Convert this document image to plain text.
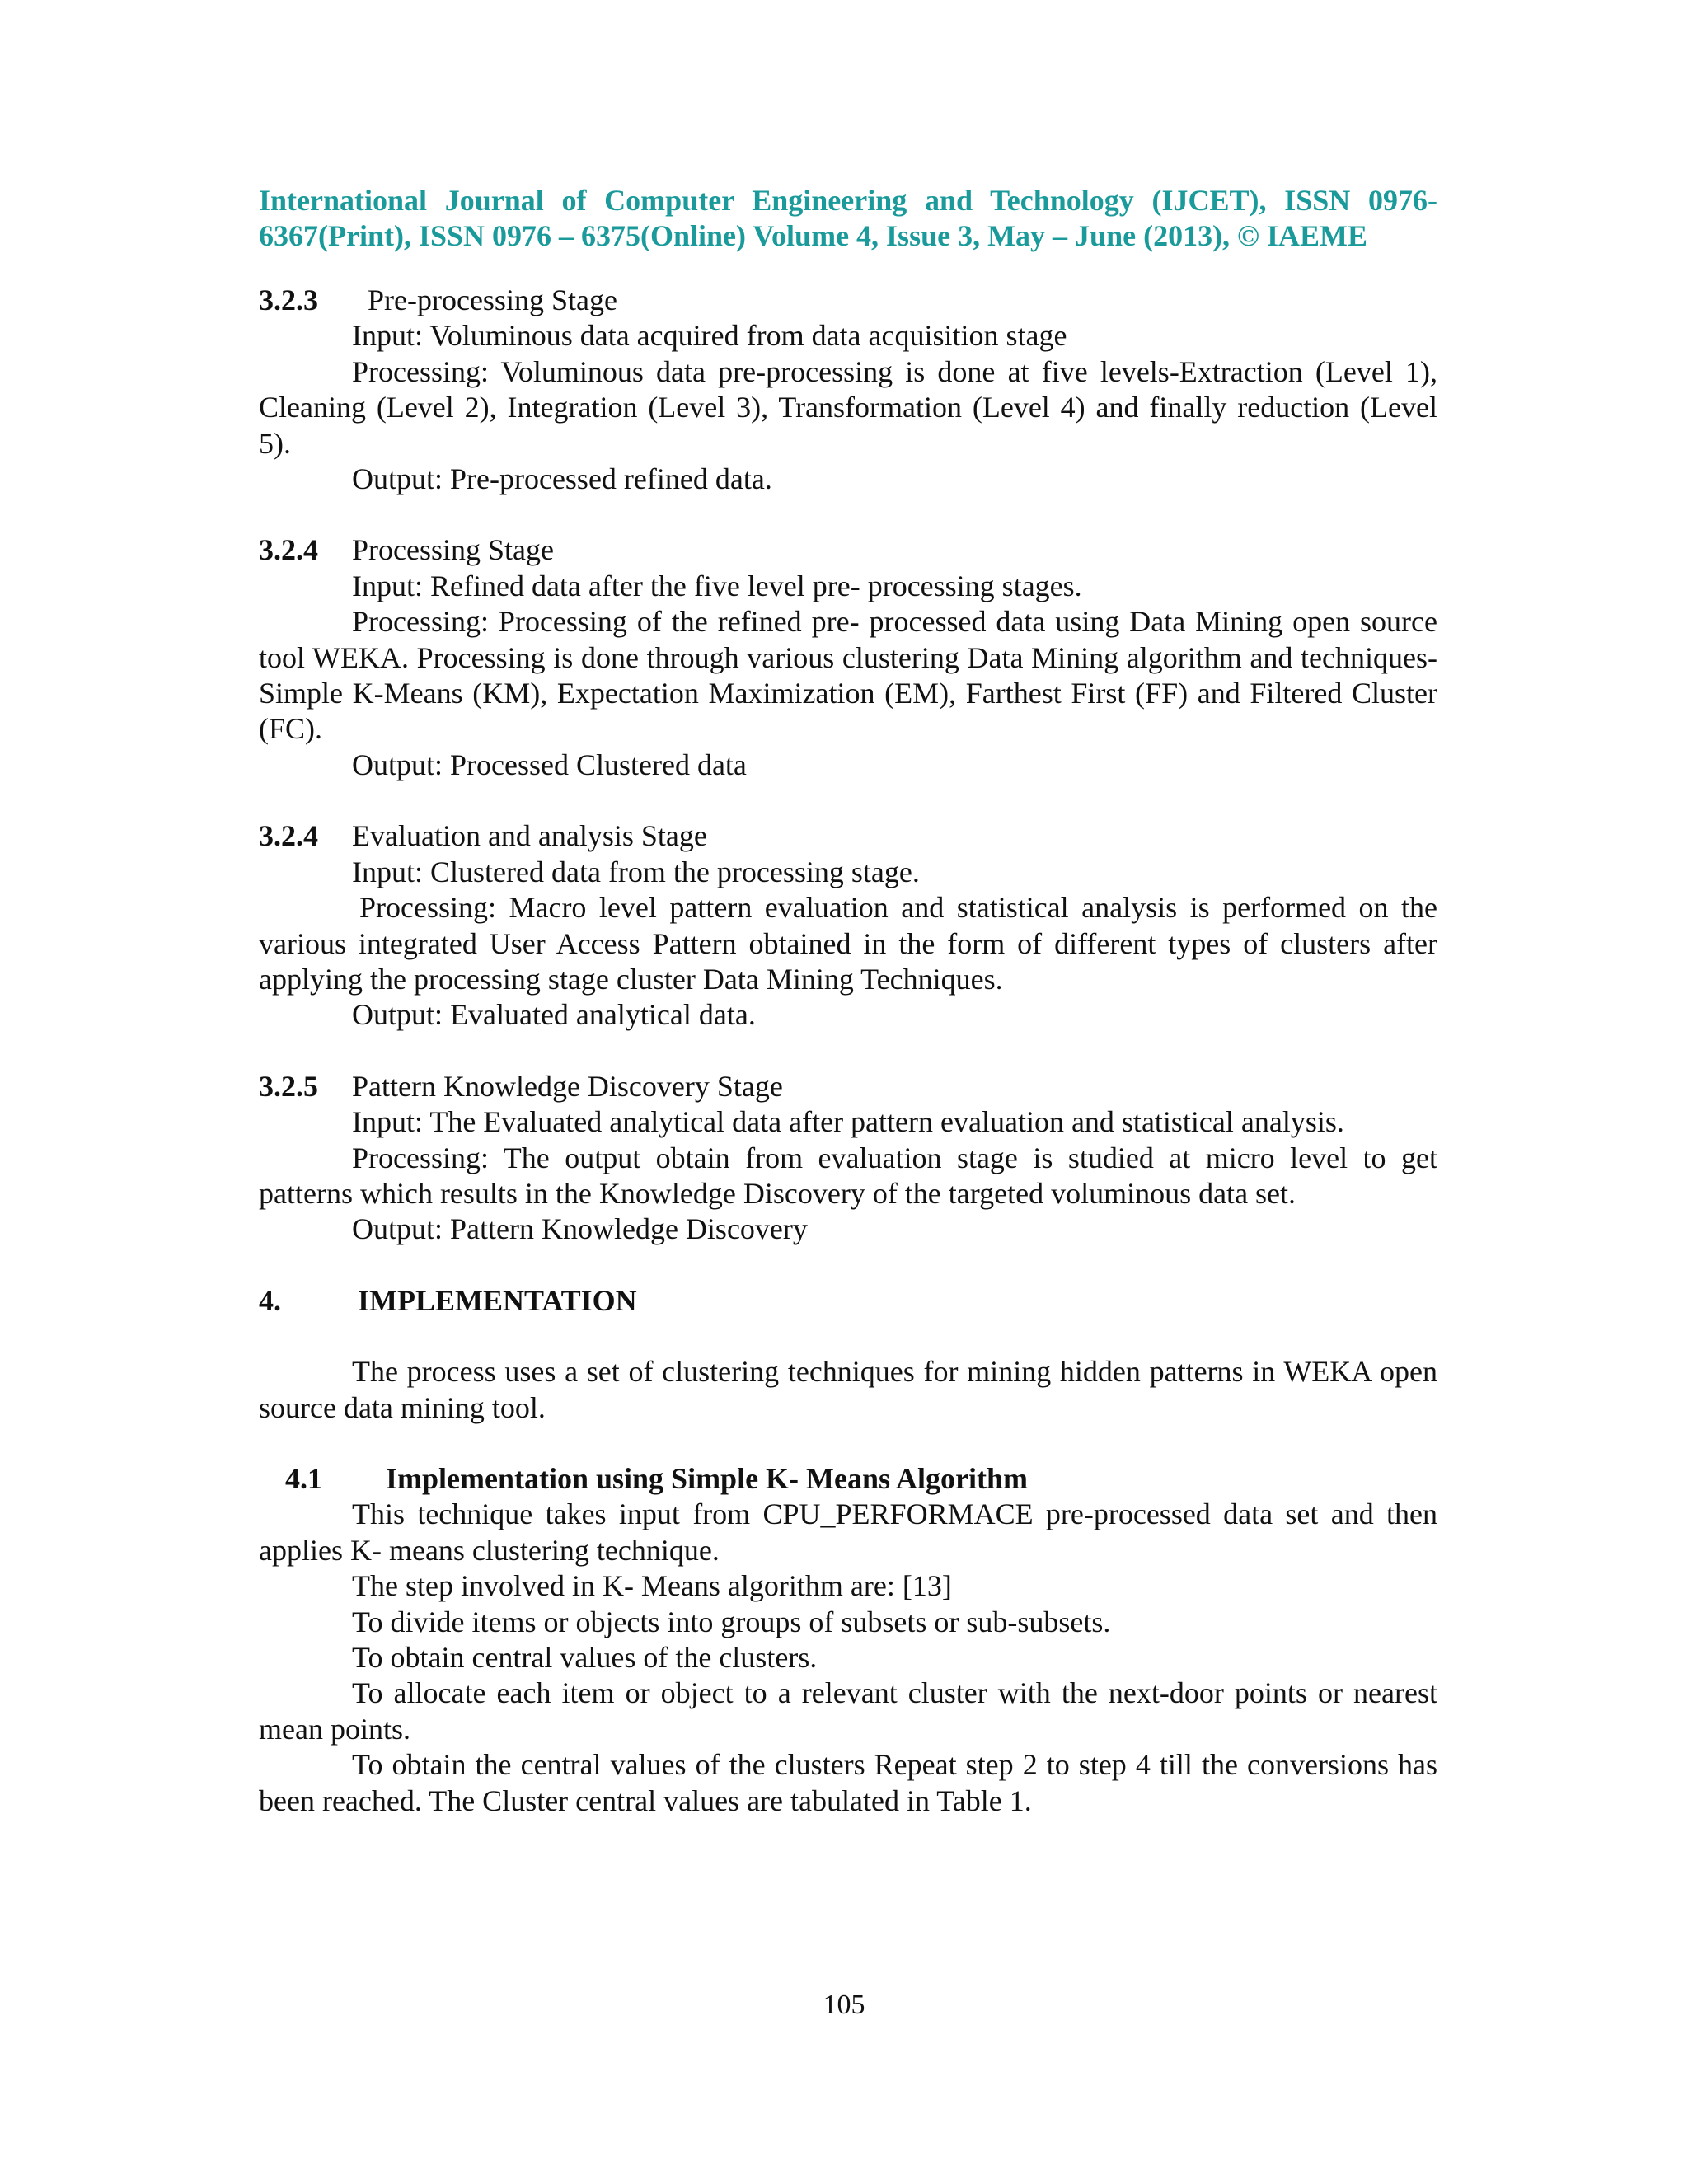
International Journal of Computer Engineering and Technology (IJCET), ISSN 0976-6367(Print), ISSN 0976 – 6375(Online) Volume 4, Issue 3, May – June (2013), © IAEME

3.2.3 Pre-processing Stage

Input: Voluminous data acquired from data acquisition stage

Processing: Voluminous data pre-processing is done at five levels-Extraction (Level 1), Cleaning (Level 2), Integration (Level 3), Transformation (Level 4) and finally reduction (Level 5).

Output: Pre-processed refined data.

3.2.4 Processing Stage

Input: Refined data after the five level pre- processing stages.

Processing: Processing of the refined pre- processed data using Data Mining open source tool WEKA. Processing is done through various clustering Data Mining algorithm and techniques- Simple K-Means (KM), Expectation Maximization (EM), Farthest First (FF) and Filtered Cluster (FC).

Output: Processed Clustered data

3.2.4 Evaluation and analysis Stage

Input: Clustered data from the processing stage.

Processing: Macro level pattern evaluation and statistical analysis is performed on the various integrated User Access Pattern obtained in the form of different types of clusters after applying the processing stage cluster Data Mining Techniques.

Output: Evaluated analytical data.

3.2.5 Pattern Knowledge Discovery Stage

Input: The Evaluated analytical data after pattern evaluation and statistical analysis.

Processing: The output obtain from evaluation stage is studied at micro level to get patterns which results in the Knowledge Discovery of the targeted voluminous data set.

Output: Pattern Knowledge Discovery

4.	IMPLEMENTATION

The process uses a set of clustering techniques for mining hidden patterns in WEKA open source data mining tool.

4.1 Implementation using Simple K- Means Algorithm

This technique takes input from CPU_PERFORMACE pre-processed data set and then applies K- means clustering technique.

The step involved in K- Means algorithm are: [13]

To divide items or objects into groups of subsets or sub-subsets.

To obtain central values of the clusters.

To allocate each item or object to a relevant cluster with the next-door points or nearest mean points.

To obtain the central values of the clusters Repeat step 2 to step 4 till the conversions has been reached. The Cluster central values are tabulated in Table 1.

105
